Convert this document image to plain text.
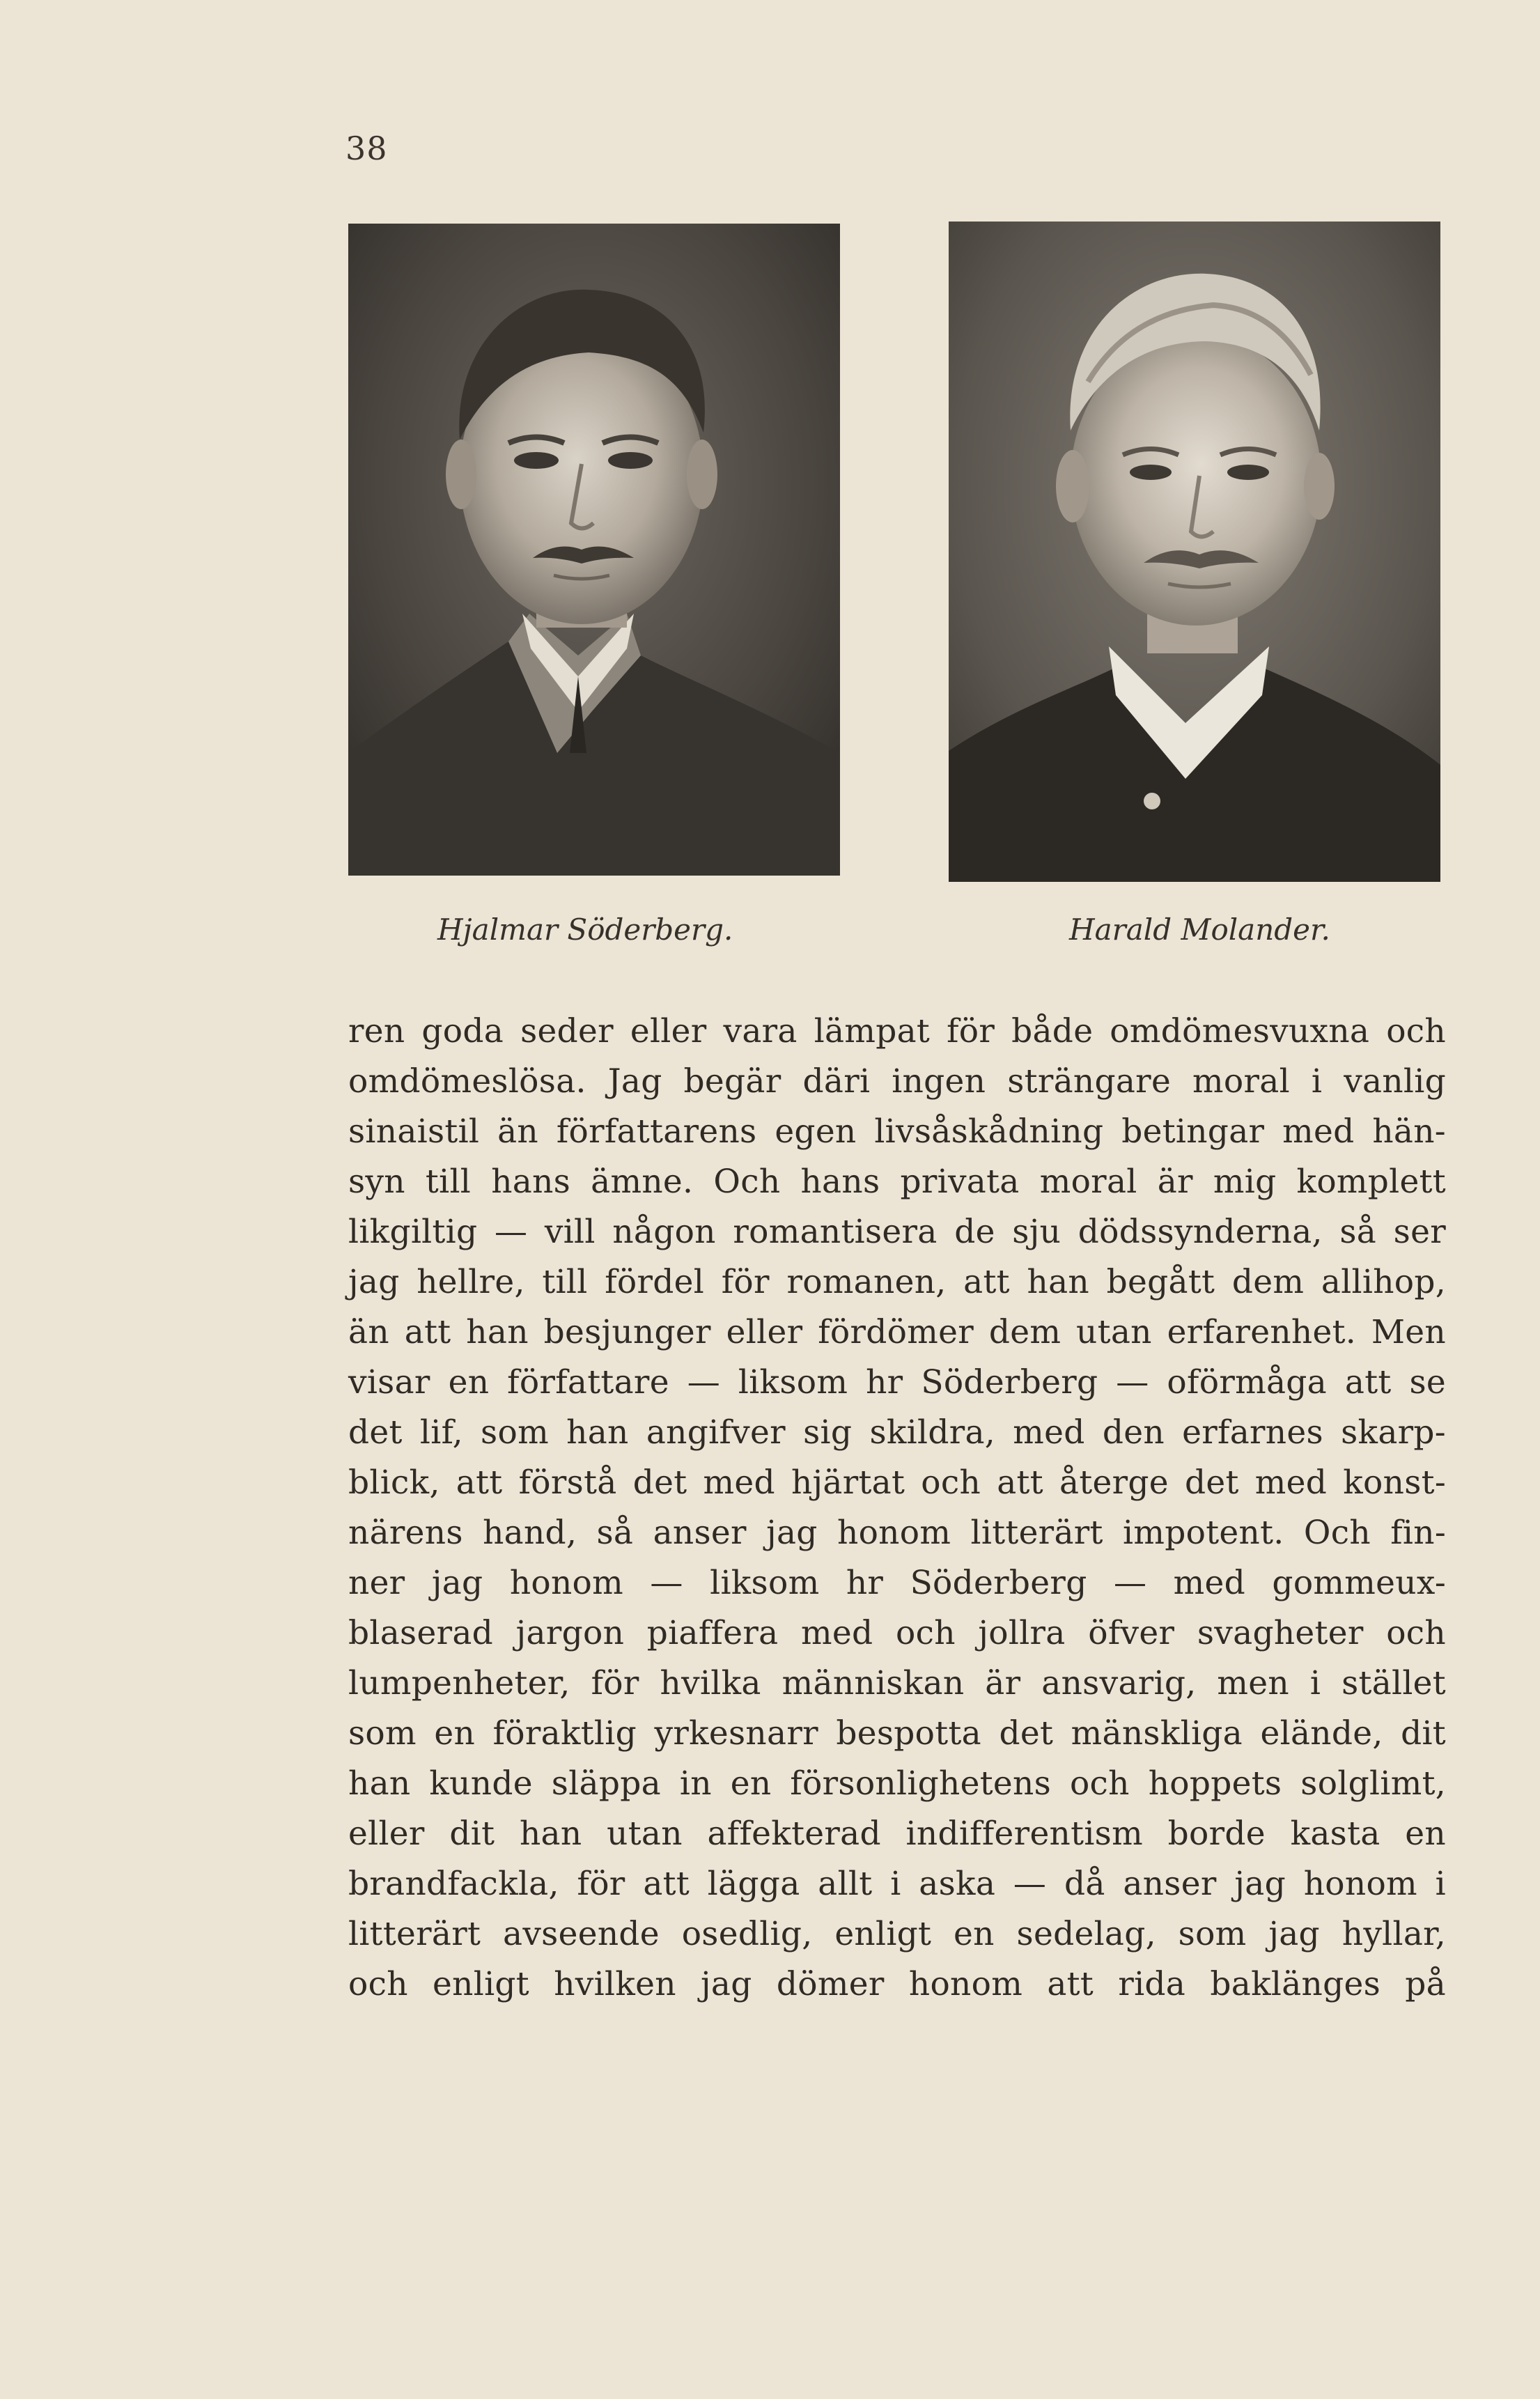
38
Hjalmar Söderberg.	Harald Molander.
ren goda seder eller vara lämpat för både omdömesvuxna och
omdömeslösa. Jag begär däri ingen strängare moral i vanlig
sinaistil än författarens egen livsåskådning betingar med hän-
syn till hans ämne. Och hans privata moral är mig komplett
likgiltig — vill någon romantisera de sju dödssynderna, så ser
jag hellre, till fördel för romanen, att han begått dem allihop,
än att han besjunger eller fördömer dem utan erfarenhet. Men
visar en författare — liksom hr Söderberg — oförmåga att se
det lif, som han angifver sig skildra, med den erfarnes skarp-
blick, att förstå det med hjärtat och att återge det med konst-
närens hand, så anser jag honom litterärt impotent. Och fin-
ner jag honom — liksom hr Söderberg — med gommeux-
blaserad jargon piaffera med och jollra öfver svagheter och
lumpenheter, för hvilka människan är ansvarig, men i stället
som en föraktlig yrkesnarr bespotta det mänskliga elände, dit
han kunde släppa in en försonlighetens och hoppets solglimt,
eller dit han utan affekterad indifferentism borde kasta en
brandfackla, för att lägga allt i aska — då anser jag honom i
litterärt avseende osedlig, enligt en sedelag, som jag hyllar,
och enligt hvilken jag dömer honom att rida baklänges på
